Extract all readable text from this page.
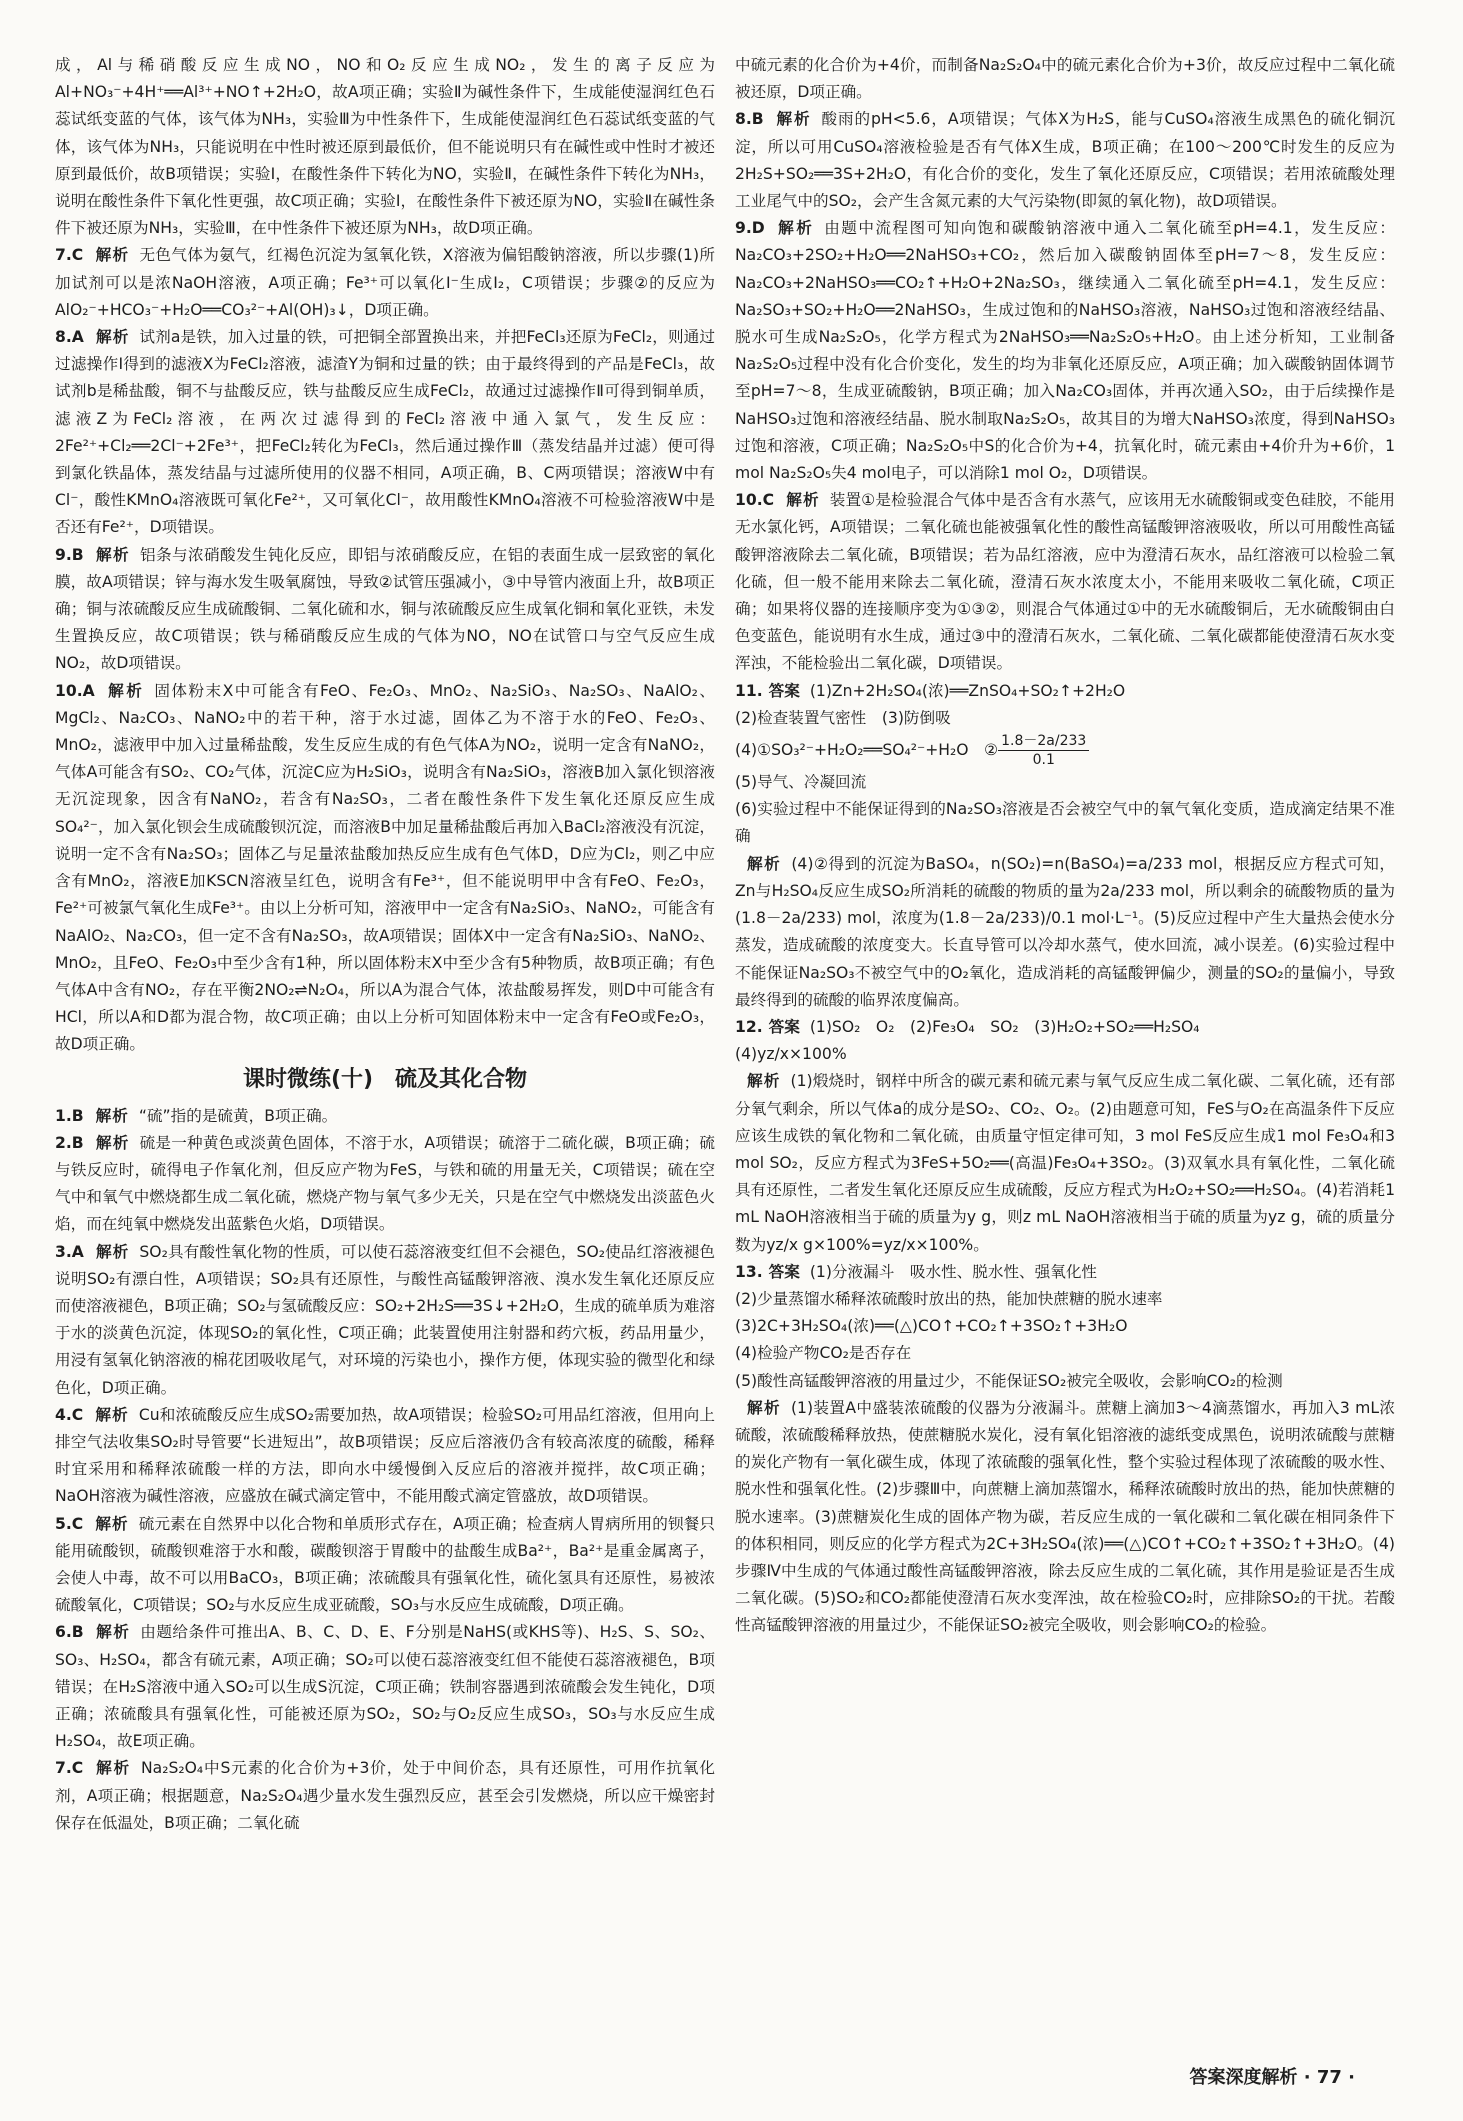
成，Al与稀硝酸反应生成NO，NO和O₂反应生成NO₂，发生的离子反应为Al+NO₃⁻+4H⁺══Al³⁺+NO↑+2H₂O，故A项正确；实验Ⅱ为碱性条件下，生成能使湿润红色石蕊试纸变蓝的气体，该气体为NH₃，实验Ⅲ为中性条件下，生成能使湿润红色石蕊试纸变蓝的气体，该气体为NH₃，只能说明在中性时被还原到最低价，但不能说明只有在碱性或中性时才被还原到最低价，故B项错误；实验Ⅰ，在酸性条件下转化为NO，实验Ⅱ，在碱性条件下转化为NH₃，说明在酸性条件下氧化性更强，故C项正确；实验Ⅰ，在酸性条件下被还原为NO，实验Ⅱ在碱性条件下被还原为NH₃，实验Ⅲ，在中性条件下被还原为NH₃，故D项正确。

7.C 解析 无色气体为氨气，红褐色沉淀为氢氧化铁，X溶液为偏铝酸钠溶液，所以步骤(1)所加试剂可以是浓NaOH溶液，A项正确；Fe³⁺可以氧化I⁻生成I₂，C项错误；步骤②的反应为AlO₂⁻+HCO₃⁻+H₂O══CO₃²⁻+Al(OH)₃↓，D项正确。

8.A 解析 试剂a是铁，加入过量的铁，可把铜全部置换出来，并把FeCl₃还原为FeCl₂，则通过过滤操作Ⅰ得到的滤液X为FeCl₂溶液，滤渣Y为铜和过量的铁；由于最终得到的产品是FeCl₃，故试剂b是稀盐酸，铜不与盐酸反应，铁与盐酸反应生成FeCl₂，故通过过滤操作Ⅱ可得到铜单质，滤液Z为FeCl₂溶液，在两次过滤得到的FeCl₂溶液中通入氯气，发生反应：2Fe²⁺+Cl₂══2Cl⁻+2Fe³⁺，把FeCl₂转化为FeCl₃，然后通过操作Ⅲ（蒸发结晶并过滤）便可得到氯化铁晶体，蒸发结晶与过滤所使用的仪器不相同，A项正确，B、C两项错误；溶液W中有Cl⁻，酸性KMnO₄溶液既可氧化Fe²⁺，又可氧化Cl⁻，故用酸性KMnO₄溶液不可检验溶液W中是否还有Fe²⁺，D项错误。

9.B 解析 铝条与浓硝酸发生钝化反应，即铝与浓硝酸反应，在铝的表面生成一层致密的氧化膜，故A项错误；锌与海水发生吸氧腐蚀，导致②试管压强减小，③中导管内液面上升，故B项正确；铜与浓硫酸反应生成硫酸铜、二氧化硫和水，铜与浓硫酸反应生成氧化铜和氧化亚铁，未发生置换反应，故C项错误；铁与稀硝酸反应生成的气体为NO，NO在试管口与空气反应生成NO₂，故D项错误。

10.A 解析 固体粉末X中可能含有FeO、Fe₂O₃、MnO₂、Na₂SiO₃、Na₂SO₃、NaAlO₂、MgCl₂、Na₂CO₃、NaNO₂中的若干种，溶于水过滤，固体乙为不溶于水的FeO、Fe₂O₃、MnO₂，滤液甲中加入过量稀盐酸，发生反应生成的有色气体A为NO₂，说明一定含有NaNO₂，气体A可能含有SO₂、CO₂气体，沉淀C应为H₂SiO₃，说明含有Na₂SiO₃，溶液B加入氯化钡溶液无沉淀现象，因含有NaNO₂，若含有Na₂SO₃，二者在酸性条件下发生氧化还原反应生成SO₄²⁻，加入氯化钡会生成硫酸钡沉淀，而溶液B中加足量稀盐酸后再加入BaCl₂溶液没有沉淀，说明一定不含有Na₂SO₃；固体乙与足量浓盐酸加热反应生成有色气体D，D应为Cl₂，则乙中应含有MnO₂，溶液E加KSCN溶液呈红色，说明含有Fe³⁺，但不能说明甲中含有FeO、Fe₂O₃，Fe²⁺可被氯气氧化生成Fe³⁺。由以上分析可知，溶液甲中一定含有Na₂SiO₃、NaNO₂，可能含有NaAlO₂、Na₂CO₃，但一定不含有Na₂SO₃，故A项错误；固体X中一定含有Na₂SiO₃、NaNO₂、MnO₂，且FeO、Fe₂O₃中至少含有1种，所以固体粉末X中至少含有5种物质，故B项正确；有色气体A中含有NO₂，存在平衡2NO₂⇌N₂O₄，所以A为混合气体，浓盐酸易挥发，则D中可能含有HCl，所以A和D都为混合物，故C项正确；由以上分析可知固体粉末中一定含有FeO或Fe₂O₃，故D项正确。

课时微练(十)　硫及其化合物

1.B 解析 “硫”指的是硫黄，B项正确。

2.B 解析 硫是一种黄色或淡黄色固体，不溶于水，A项错误；硫溶于二硫化碳，B项正确；硫与铁反应时，硫得电子作氧化剂，但反应产物为FeS，与铁和硫的用量无关，C项错误；硫在空气中和氧气中燃烧都生成二氧化硫，燃烧产物与氧气多少无关，只是在空气中燃烧发出淡蓝色火焰，而在纯氧中燃烧发出蓝紫色火焰，D项错误。

3.A 解析 SO₂具有酸性氧化物的性质，可以使石蕊溶液变红但不会褪色，SO₂使品红溶液褪色说明SO₂有漂白性，A项错误；SO₂具有还原性，与酸性高锰酸钾溶液、溴水发生氧化还原反应而使溶液褪色，B项正确；SO₂与氢硫酸反应：SO₂+2H₂S══3S↓+2H₂O，生成的硫单质为难溶于水的淡黄色沉淀，体现SO₂的氧化性，C项正确；此装置使用注射器和药穴板，药品用量少，用浸有氢氧化钠溶液的棉花团吸收尾气，对环境的污染也小，操作方便，体现实验的微型化和绿色化，D项正确。

4.C 解析 Cu和浓硫酸反应生成SO₂需要加热，故A项错误；检验SO₂可用品红溶液，但用向上排空气法收集SO₂时导管要“长进短出”，故B项错误；反应后溶液仍含有较高浓度的硫酸，稀释时宜采用和稀释浓硫酸一样的方法，即向水中缓慢倒入反应后的溶液并搅拌，故C项正确；NaOH溶液为碱性溶液，应盛放在碱式滴定管中，不能用酸式滴定管盛放，故D项错误。

5.C 解析 硫元素在自然界中以化合物和单质形式存在，A项正确；检查病人胃病所用的钡餐只能用硫酸钡，硫酸钡难溶于水和酸，碳酸钡溶于胃酸中的盐酸生成Ba²⁺，Ba²⁺是重金属离子，会使人中毒，故不可以用BaCO₃，B项正确；浓硫酸具有强氧化性，硫化氢具有还原性，易被浓硫酸氧化，C项错误；SO₂与水反应生成亚硫酸，SO₃与水反应生成硫酸，D项正确。

6.B 解析 由题给条件可推出A、B、C、D、E、F分别是NaHS(或KHS等)、H₂S、S、SO₂、SO₃、H₂SO₄，都含有硫元素，A项正确；SO₂可以使石蕊溶液变红但不能使石蕊溶液褪色，B项错误；在H₂S溶液中通入SO₂可以生成S沉淀，C项正确；铁制容器遇到浓硫酸会发生钝化，D项正确；浓硫酸具有强氧化性，可能被还原为SO₂，SO₂与O₂反应生成SO₃，SO₃与水反应生成H₂SO₄，故E项正确。

7.C 解析 Na₂S₂O₄中S元素的化合价为+3价，处于中间价态，具有还原性，可用作抗氧化剂，A项正确；根据题意，Na₂S₂O₄遇少量水发生强烈反应，甚至会引发燃烧，所以应干燥密封保存在低温处，B项正确；二氧化硫

中硫元素的化合价为+4价，而制备Na₂S₂O₄中的硫元素化合价为+3价，故反应过程中二氧化硫被还原，D项正确。

8.B 解析 酸雨的pH<5.6，A项错误；气体X为H₂S，能与CuSO₄溶液生成黑色的硫化铜沉淀，所以可用CuSO₄溶液检验是否有气体X生成，B项正确；在100～200℃时发生的反应为2H₂S+SO₂══3S+2H₂O，有化合价的变化，发生了氧化还原反应，C项错误；若用浓硫酸处理工业尾气中的SO₂，会产生含氮元素的大气污染物(即氮的氧化物)，故D项错误。

9.D 解析 由题中流程图可知向饱和碳酸钠溶液中通入二氧化硫至pH=4.1，发生反应：Na₂CO₃+2SO₂+H₂O══2NaHSO₃+CO₂，然后加入碳酸钠固体至pH=7～8，发生反应：Na₂CO₃+2NaHSO₃══CO₂↑+H₂O+2Na₂SO₃，继续通入二氧化硫至pH=4.1，发生反应：Na₂SO₃+SO₂+H₂O══2NaHSO₃，生成过饱和的NaHSO₃溶液，NaHSO₃过饱和溶液经结晶、脱水可生成Na₂S₂O₅，化学方程式为2NaHSO₃══Na₂S₂O₅+H₂O。由上述分析知，工业制备Na₂S₂O₅过程中没有化合价变化，发生的均为非氧化还原反应，A项正确；加入碳酸钠固体调节至pH=7～8，生成亚硫酸钠，B项正确；加入Na₂CO₃固体，并再次通入SO₂，由于后续操作是NaHSO₃过饱和溶液经结晶、脱水制取Na₂S₂O₅，故其目的为增大NaHSO₃浓度，得到NaHSO₃过饱和溶液，C项正确；Na₂S₂O₅中S的化合价为+4，抗氧化时，硫元素由+4价升为+6价，1 mol Na₂S₂O₅失4 mol电子，可以消除1 mol O₂，D项错误。

10.C 解析 装置①是检验混合气体中是否含有水蒸气，应该用无水硫酸铜或变色硅胶，不能用无水氯化钙，A项错误；二氧化硫也能被强氧化性的酸性高锰酸钾溶液吸收，所以可用酸性高锰酸钾溶液除去二氧化硫，B项错误；若为品红溶液，应中为澄清石灰水，品红溶液可以检验二氧化硫，但一般不能用来除去二氧化硫，澄清石灰水浓度太小，不能用来吸收二氧化硫，C项正确；如果将仪器的连接顺序变为①③②，则混合气体通过①中的无水硫酸铜后，无水硫酸铜由白色变蓝色，能说明有水生成，通过③中的澄清石灰水，二氧化硫、二氧化碳都能使澄清石灰水变浑浊，不能检验出二氧化碳，D项错误。

11. 答案 (1)Zn+2H₂SO₄(浓)══ZnSO₄+SO₂↑+2H₂O

(2)检查装置气密性　(3)防倒吸

(4)①SO₃²⁻+H₂O₂══SO₄²⁻+H₂O　② $\frac{1.8-2a/233}{0.1}$

(5)导气、冷凝回流

(6)实验过程中不能保证得到的Na₂SO₃溶液是否会被空气中的氧气氧化变质，造成滴定结果不准确

解析 (4)②得到的沉淀为BaSO₄，n(SO₂)=n(BaSO₄)=a/233 mol，根据反应方程式可知，Zn与H₂SO₄反应生成SO₂所消耗的硫酸的物质的量为2a/233 mol，所以剩余的硫酸物质的量为(1.8－2a/233) mol，浓度为(1.8－2a/233)/0.1 mol·L⁻¹。(5)反应过程中产生大量热会使水分蒸发，造成硫酸的浓度变大。长直导管可以冷却水蒸气，使水回流，减小误差。(6)实验过程中不能保证Na₂SO₃不被空气中的O₂氧化，造成消耗的高锰酸钾偏少，测量的SO₂的量偏小，导致最终得到的硫酸的临界浓度偏高。

12. 答案 (1)SO₂　O₂　(2)Fe₃O₄　SO₂　(3)H₂O₂+SO₂══H₂SO₄

(4)yz/x×100%

解析 (1)煅烧时，钢样中所含的碳元素和硫元素与氧气反应生成二氧化碳、二氧化硫，还有部分氧气剩余，所以气体a的成分是SO₂、CO₂、O₂。(2)由题意可知，FeS与O₂在高温条件下反应应该生成铁的氧化物和二氧化硫，由质量守恒定律可知，3 mol FeS反应生成1 mol Fe₃O₄和3 mol SO₂，反应方程式为3FeS+5O₂══(高温)Fe₃O₄+3SO₂。(3)双氧水具有氧化性，二氧化硫具有还原性，二者发生氧化还原反应生成硫酸，反应方程式为H₂O₂+SO₂══H₂SO₄。(4)若消耗1 mL NaOH溶液相当于硫的质量为y g，则z mL NaOH溶液相当于硫的质量为yz g，硫的质量分数为yz/x g×100%=yz/x×100%。

13. 答案 (1)分液漏斗　吸水性、脱水性、强氧化性

(2)少量蒸馏水稀释浓硫酸时放出的热，能加快蔗糖的脱水速率

(3)2C+3H₂SO₄(浓)══(△)CO↑+CO₂↑+3SO₂↑+3H₂O

(4)检验产物CO₂是否存在

(5)酸性高锰酸钾溶液的用量过少，不能保证SO₂被完全吸收，会影响CO₂的检测

解析 (1)装置A中盛装浓硫酸的仪器为分液漏斗。蔗糖上滴加3～4滴蒸馏水，再加入3 mL浓硫酸，浓硫酸稀释放热，使蔗糖脱水炭化，浸有氧化铝溶液的滤纸变成黑色，说明浓硫酸与蔗糖的炭化产物有一氧化碳生成，体现了浓硫酸的强氧化性，整个实验过程体现了浓硫酸的吸水性、脱水性和强氧化性。(2)步骤Ⅲ中，向蔗糖上滴加蒸馏水，稀释浓硫酸时放出的热，能加快蔗糖的脱水速率。(3)蔗糖炭化生成的固体产物为碳，若反应生成的一氧化碳和二氧化碳在相同条件下的体积相同，则反应的化学方程式为2C+3H₂SO₄(浓)══(△)CO↑+CO₂↑+3SO₂↑+3H₂O。(4)步骤Ⅳ中生成的气体通过酸性高锰酸钾溶液，除去反应生成的二氧化硫，其作用是验证是否生成二氧化碳。(5)SO₂和CO₂都能使澄清石灰水变浑浊，故在检验CO₂时，应排除SO₂的干扰。若酸性高锰酸钾溶液的用量过少，不能保证SO₂被完全吸收，则会影响CO₂的检验。

答案深度解析 · 77 ·
